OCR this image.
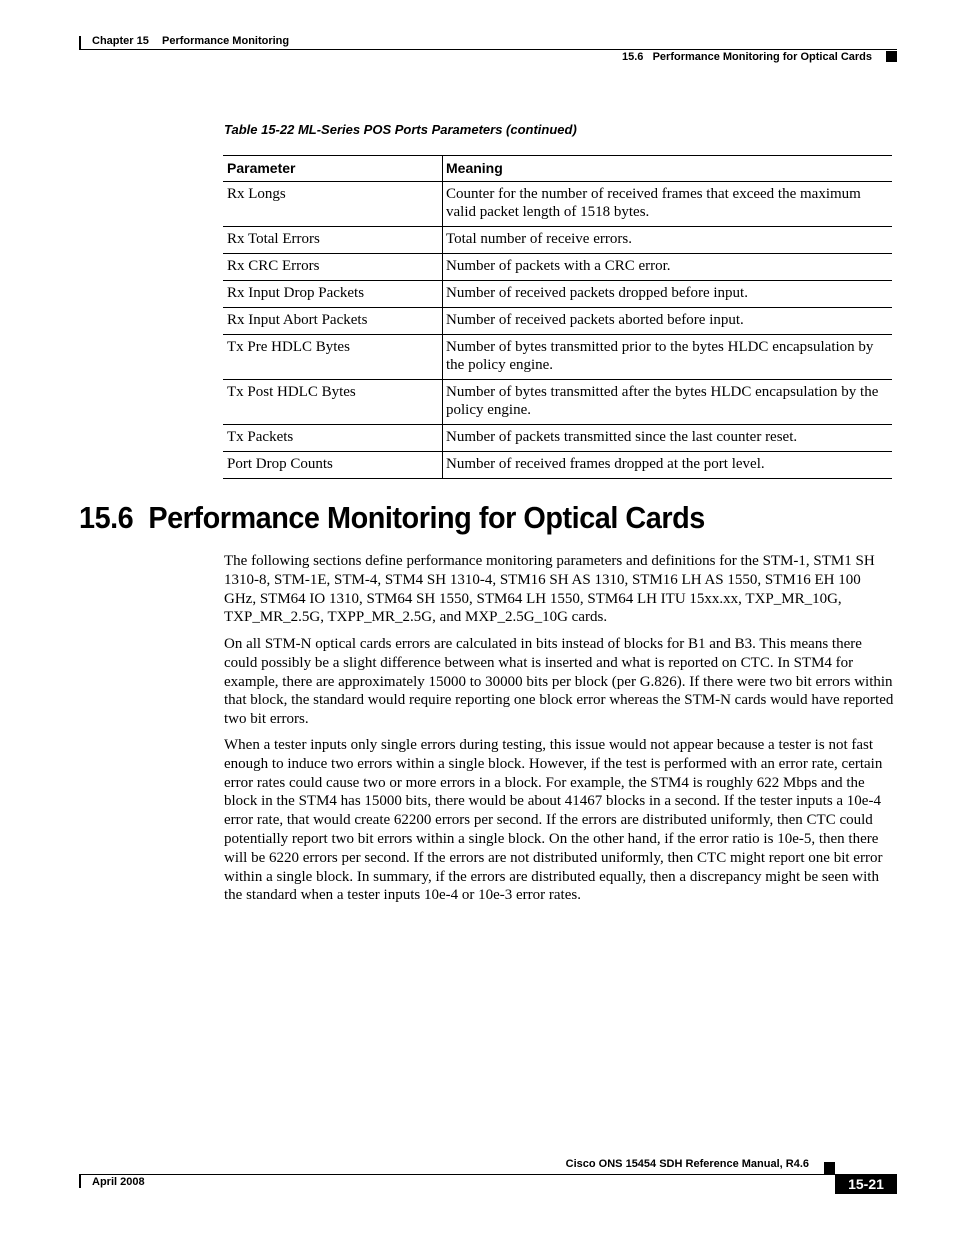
Chapter 15 Performance Monitoring
15.6   Performance Monitoring for Optical Cards
Table 15-22 ML-Series POS Ports Parameters (continued)
Parameter	Meaning
Rx Longs	Counter for the number of received frames that exceed the maximum valid packet length of 1518 bytes.
Rx Total Errors	Total number of receive errors.
Rx CRC Errors	Number of packets with a CRC error.
Rx Input Drop Packets	Number of received packets dropped before input.
Rx Input Abort Packets	Number of received packets aborted before input.
Tx Pre HDLC Bytes	Number of bytes transmitted prior to the bytes HLDC encapsulation by the policy engine.
Tx Post HDLC Bytes	Number of bytes transmitted after the bytes HLDC encapsulation by the policy engine.
Tx Packets	Number of packets transmitted since the last counter reset.
Port Drop Counts	Number of received frames dropped at the port level.
15.6  Performance Monitoring for Optical Cards

The following sections define performance monitoring parameters and definitions for the STM-1, STM1 SH 1310-8, STM-1E, STM-4, STM4 SH 1310-4, STM16 SH AS 1310, STM16 LH AS 1550, STM16 EH 100 GHz, STM64 IO 1310, STM64 SH 1550, STM64 LH 1550, STM64 LH ITU 15xx.xx, TXP_MR_10G, TXP_MR_2.5G, TXPP_MR_2.5G, and MXP_2.5G_10G cards.

On all STM-N optical cards errors are calculated in bits instead of blocks for B1 and B3. This means there could possibly be a slight difference between what is inserted and what is reported on CTC. In STM4 for example, there are approximately 15000 to 30000 bits per block (per G.826). If there were two bit errors within that block, the standard would require reporting one block error whereas the STM-N cards would have reported two bit errors.

When a tester inputs only single errors during testing, this issue would not appear because a tester is not fast enough to induce two errors within a single block. However, if the test is performed with an error rate, certain error rates could cause two or more errors in a block. For example, the STM4 is roughly 622 Mbps and the block in the STM4 has 15000 bits, there would be about 41467 blocks in a second. If the tester inputs a 10e-4 error rate, that would create 62200 errors per second. If the errors are distributed uniformly, then CTC could potentially report two bit errors within a single block. On the other hand, if the error ratio is 10e-5, then there will be 6220 errors per second. If the errors are not distributed uniformly, then CTC might report one bit error within a single block. In summary, if the errors are distributed equally, then a discrepancy might be seen with the standard when a tester inputs 10e-4 or 10e-3 error rates.

Cisco ONS 15454 SDH Reference Manual, R4.6
April 2008	15-21
